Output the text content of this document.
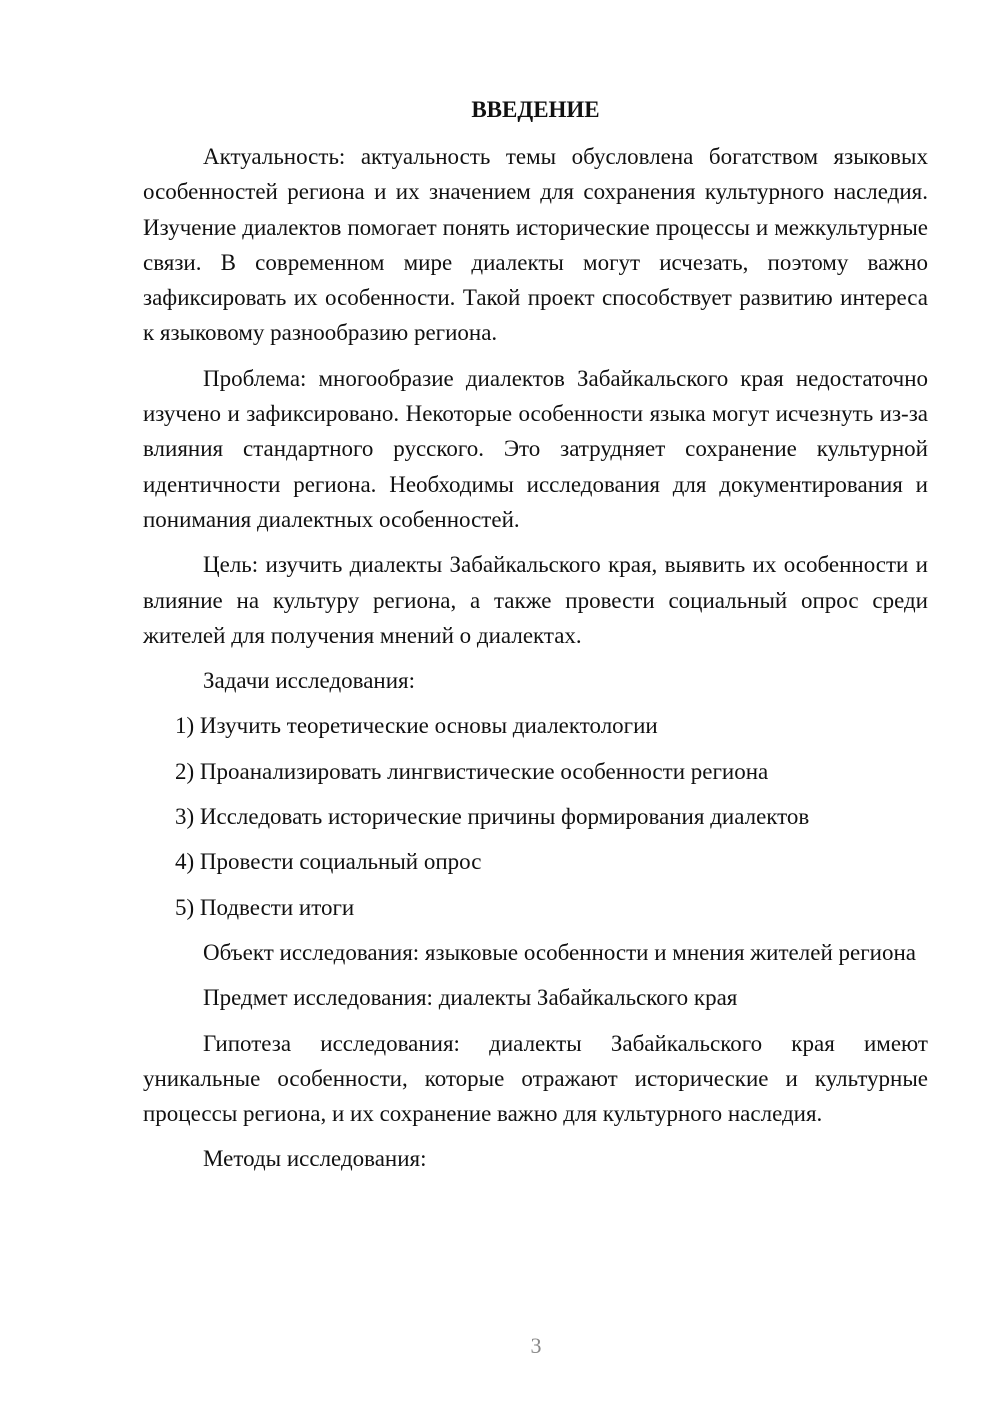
ВВЕДЕНИЕ

Актуальность: актуальность темы обусловлена богатством языковых особенностей региона и их значением для сохранения культурного наследия. Изучение диалектов помогает понять исторические процессы и межкультурные связи. В современном мире диалекты могут исчезать, поэтому важно зафиксировать их особенности. Такой проект способствует развитию интереса к языковому разнообразию региона.

Проблема: многообразие диалектов Забайкальского края недостаточно изучено и зафиксировано. Некоторые особенности языка могут исчезнуть из-за влияния стандартного русского. Это затрудняет сохранение культурной идентичности региона. Необходимы исследования для документирования и понимания диалектных особенностей.

Цель: изучить диалекты Забайкальского края, выявить их особенности и влияние на культуру региона, а также провести социальный опрос среди жителей для получения мнений о диалектах.

Задачи исследования:

1) Изучить теоретические основы диалектологии
2) Проанализировать лингвистические особенности региона
3) Исследовать исторические причины формирования диалектов
4) Провести социальный опрос
5) Подвести итоги

Объект исследования: языковые особенности и мнения жителей региона

Предмет исследования: диалекты Забайкальского края

Гипотеза исследования: диалекты Забайкальского края имеют уникальные особенности, которые отражают исторические и культурные процессы региона, и их сохранение важно для культурного наследия.

Методы исследования:

3
